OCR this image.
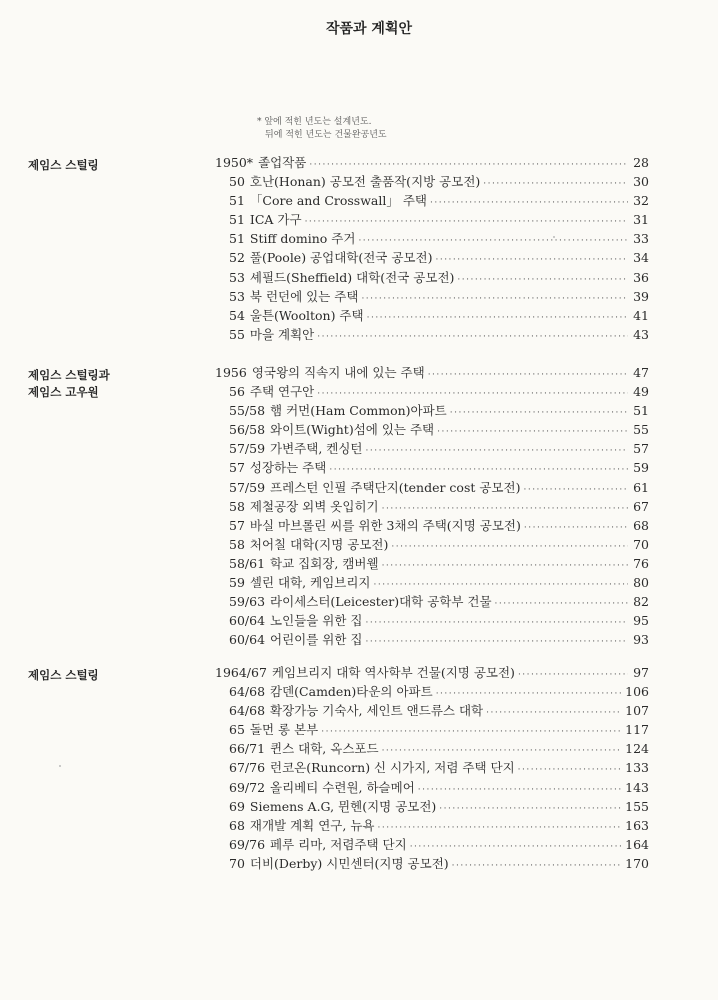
작품과 계획안
* 앞에 적힌 년도는 설계년도.
뒤에 적힌 년도는 건물완공년도
제임스 스털링	1950* 졸업작품 ·····	28
50 호난(Honan) 공모전 출품작(지방 공모전) ·····	30
51 「Core and Crosswall」 주택 ·····	32
51 ICA 가구 ·····	31
51 Stiff domino 주거 ·····	33
52 풀(Poole) 공업대학(전국 공모전) ·····	34
53 셰필드(Sheffield) 대학(전국 공모전) ·····	36
53 북 런던에 있는 주택 ·····	39
54 울튼(Woolton) 주택 ·····	41
55 마을 계획안 ·····	43
제임스 스털링과
제임스 고우원
1956 영국왕의 직속지 내에 있는 주택 ·····	47
56 주택 연구안 ·····	49
55/58 햄 커먼(Ham Common)아파트 ·····	51
56/58 와이트(Wight)섬에 있는 주택 ·····	55
57/59 가변주택, 켄싱턴 ·····	57
57 성장하는 주택 ·····	59
57/59 프레스턴 인필 주택단지(tender cost 공모전) ·····	61
58 제철공장 외벽 옷입히기 ·····	67
57 바실 마브롤린 씨를 위한 3채의 주택(지명 공모전) ·····	68
58 처어칠 대학(지명 공모전) ·····	70
58/61 학교 집회장, 캠버웰 ·····	76
59 셀린 대학, 케임브리지 ·····	80
59/63 라이세스터(Leicester)대학 공학부 건물 ·····	82
60/64 노인들을 위한 집 ·····	95
60/64 어린이를 위한 집 ·····	93
제임스 스털링	1964/67 케임브리지 대학 역사학부 건물(지명 공모전) ·····	97
64/68 캄덴(Camden)타운의 아파트 ·····	106
64/68 확장가능 기숙사, 세인트 앤드류스 대학 ·····	107
65 돌먼 롱 본부 ·····	117
66/71 퀸스 대학, 옥스포드 ·····	124
67/76 런코온(Runcorn) 신 시가지, 저렴 주택 단지 ·····	133
69/72 올리베티 수련원, 하슬메어 ·····	143
69 Siemens A.G, 뮌헨(지명 공모전) ·····	155
68 재개발 계획 연구, 뉴욕 ·····	163
69/76 페루 리마, 저렴주택 단지 ·····	164
70 더비(Derby) 시민센터(지명 공모전) ·····	170
